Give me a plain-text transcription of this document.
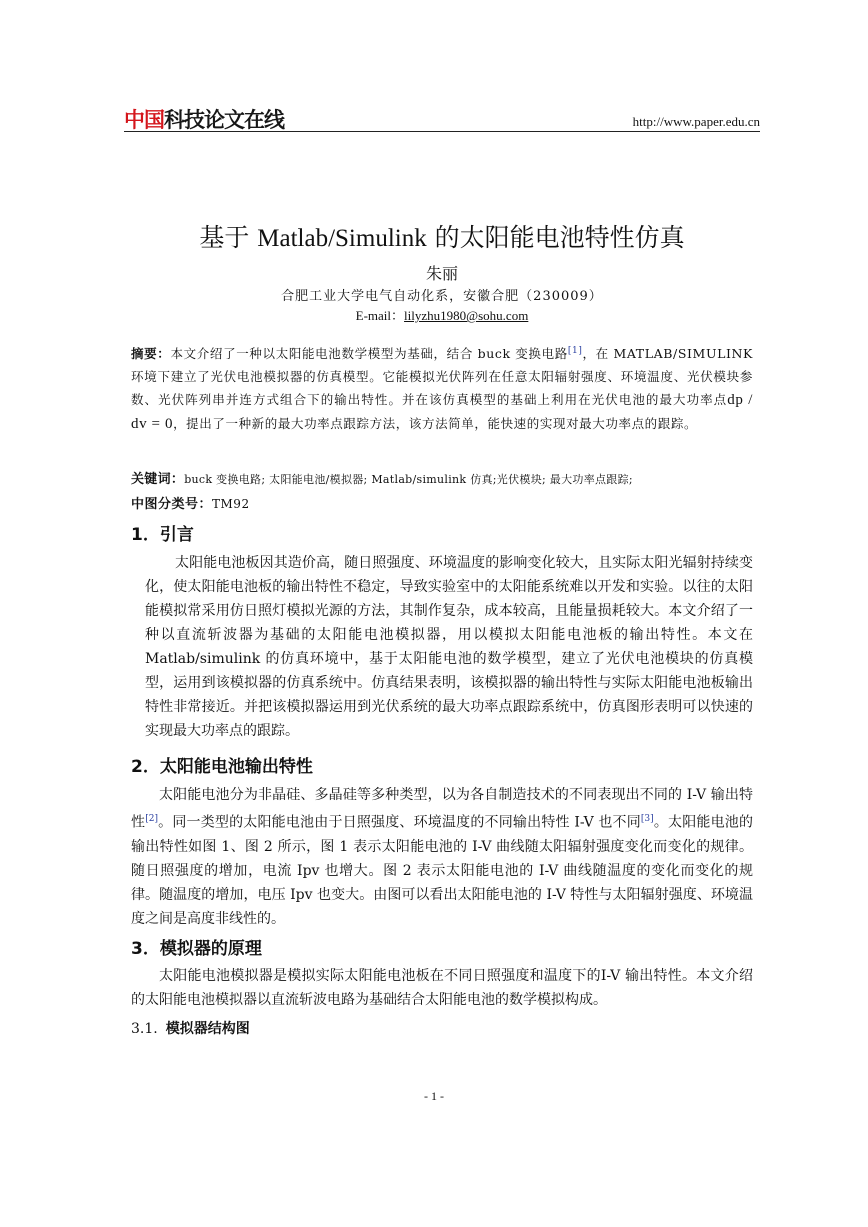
中国科技论文在线	http://www.paper.edu.cn
基于 Matlab/Simulink 的太阳能电池特性仿真
朱丽
合肥工业大学电气自动化系，安徽合肥（230009）
E-mail：lilyzhu1980@sohu.com
摘要：本文介绍了一种以太阳能电池数学模型为基础，结合 buck 变换电路[1]，在 MATLAB/SIMULINK 环境下建立了光伏电池模拟器的仿真模型。它能模拟光伏阵列在任意太阳辐射强度、环境温度、光伏模块参数、光伏阵列串并连方式组合下的输出特性。并在该仿真模型的基础上利用在光伏电池的最大功率点dp / dv = 0，提出了一种新的最大功率点跟踪方法，该方法简单，能快速的实现对最大功率点的跟踪。
关键词：buck 变换电路; 太阳能电池/模拟器; Matlab/simulink 仿真;光伏模块; 最大功率点跟踪;
中图分类号：TM92
1．引言
太阳能电池板因其造价高，随日照强度、环境温度的影响变化较大，且实际太阳光辐射持续变化，使太阳能电池板的输出特性不稳定，导致实验室中的太阳能系统难以开发和实验。以往的太阳能模拟常采用仿日照灯模拟光源的方法，其制作复杂，成本较高，且能量损耗较大。本文介绍了一种以直流斩波器为基础的太阳能电池模拟器，用以模拟太阳能电池板的输出特性。本文在 Matlab/simulink 的仿真环境中，基于太阳能电池的数学模型，建立了光伏电池模块的仿真模型，运用到该模拟器的仿真系统中。仿真结果表明，该模拟器的输出特性与实际太阳能电池板输出特性非常接近。并把该模拟器运用到光伏系统的最大功率点跟踪系统中，仿真图形表明可以快速的实现最大功率点的跟踪。
2．太阳能电池输出特性
太阳能电池分为非晶硅、多晶硅等多种类型，以为各自制造技术的不同表现出不同的 I-V 输出特性[2]。同一类型的太阳能电池由于日照强度、环境温度的不同输出特性 I-V 也不同[3]。太阳能电池的输出特性如图 1、图 2 所示，图 1 表示太阳能电池的 I-V 曲线随太阳辐射强度变化而变化的规律。随日照强度的增加，电流 Ipv 也增大。图 2 表示太阳能电池的 I-V 曲线随温度的变化而变化的规律。随温度的增加，电压 Ipv 也变大。由图可以看出太阳能电池的 I-V 特性与太阳辐射强度、环境温度之间是高度非线性的。
3．模拟器的原理
太阳能电池模拟器是模拟实际太阳能电池板在不同日照强度和温度下的I-V 输出特性。本文介绍的太阳能电池模拟器以直流斩波电路为基础结合太阳能电池的数学模拟构成。
3.1. 模拟器结构图
- 1 -
